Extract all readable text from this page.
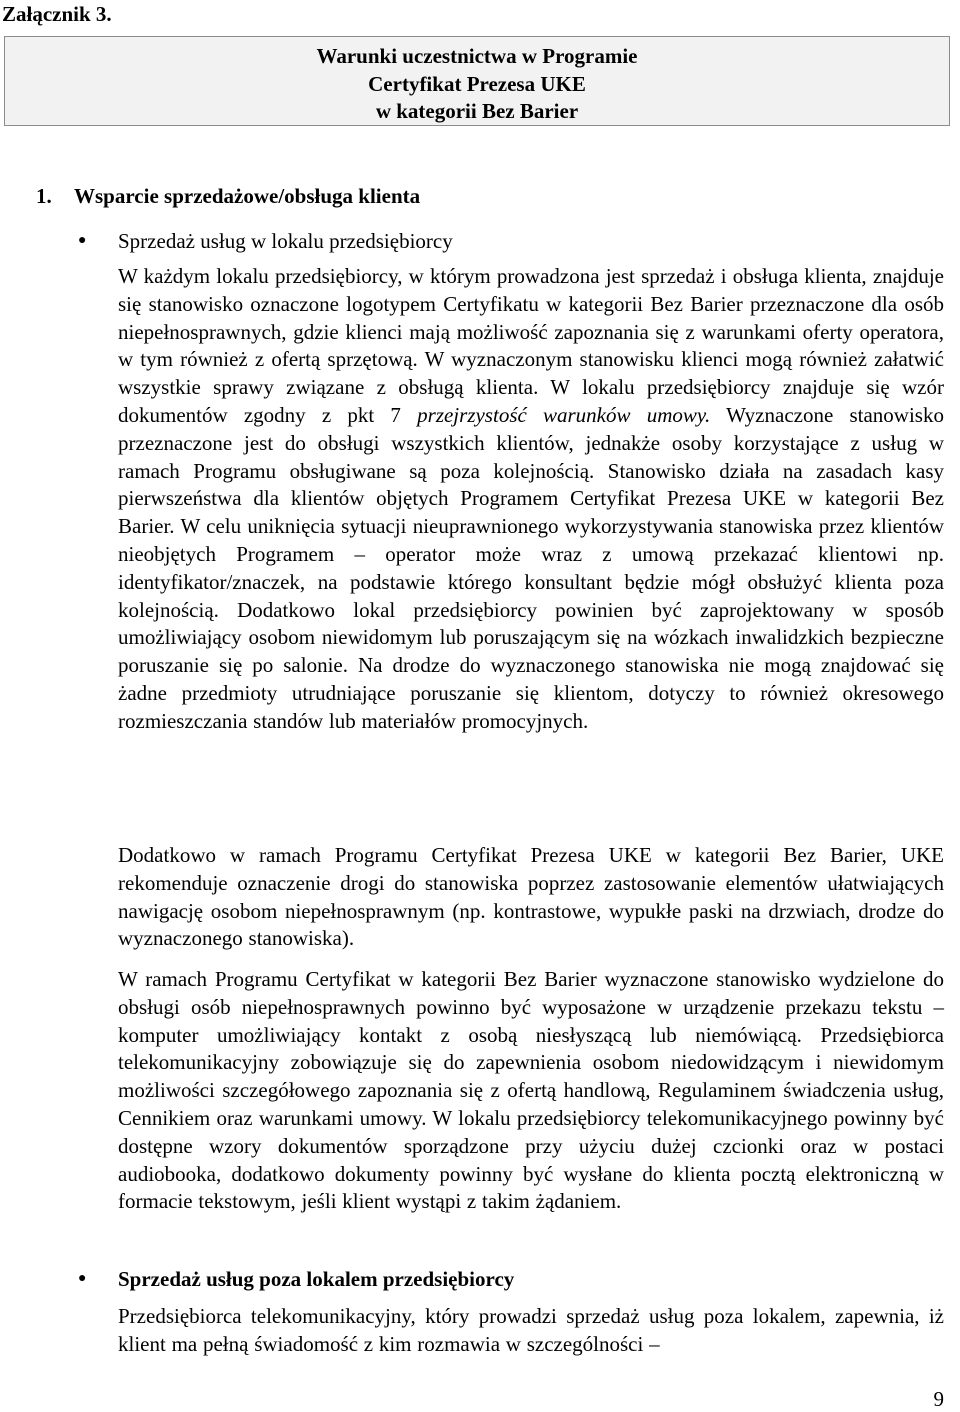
Załącznik 3.
Warunki uczestnictwa w Programie
Certyfikat Prezesa UKE
w kategorii Bez Barier
1. Wsparcie sprzedażowe/obsługa klienta
● Sprzedaż usług w lokalu przedsiębiorcy
W każdym lokalu przedsiębiorcy, w którym prowadzona jest sprzedaż i obsługa klienta, znajduje się stanowisko oznaczone logotypem Certyfikatu w kategorii Bez Barier przeznaczone dla osób niepełnosprawnych, gdzie klienci mają możliwość zapoznania się z warunkami oferty operatora, w tym również z ofertą sprzętową. W wyznaczonym stanowisku klienci mogą również załatwić wszystkie sprawy związane z obsługą klienta. W lokalu przedsiębiorcy znajduje się wzór dokumentów zgodny z pkt 7 przejrzystość warunków umowy. Wyznaczone stanowisko przeznaczone jest do obsługi wszystkich klientów, jednakże osoby korzystające z usług w ramach Programu obsługiwane są poza kolejnością. Stanowisko działa na zasadach kasy pierwszeństwa dla klientów objętych Programem Certyfikat Prezesa UKE w kategorii Bez Barier. W celu uniknięcia sytuacji nieuprawnionego wykorzystywania stanowiska przez klientów nieobjętych Programem – operator może wraz z umową przekazać klientowi np. identyfikator/znaczek, na podstawie którego konsultant będzie mógł obsłużyć klienta poza kolejnością. Dodatkowo lokal przedsiębiorcy powinien być zaprojektowany w sposób umożliwiający osobom niewidomym lub poruszającym się na wózkach inwalidzkich bezpieczne poruszanie się po salonie. Na drodze do wyznaczonego stanowiska nie mogą znajdować się żadne przedmioty utrudniające poruszanie się klientom, dotyczy to również okresowego rozmieszczania standów lub materiałów promocyjnych.
Dodatkowo w ramach Programu Certyfikat Prezesa UKE w kategorii Bez Barier, UKE rekomenduje oznaczenie drogi do stanowiska poprzez zastosowanie elementów ułatwiających nawigację osobom niepełnosprawnym (np. kontrastowe, wypukłe paski na drzwiach, drodze do wyznaczonego stanowiska).
W ramach Programu Certyfikat w kategorii Bez Barier wyznaczone stanowisko wydzielone do obsługi osób niepełnosprawnych powinno być wyposażone w urządzenie przekazu tekstu – komputer umożliwiający kontakt z osobą niesłyszącą lub niemówiącą. Przedsiębiorca telekomunikacyjny zobowiązuje się do zapewnienia osobom niedowidzącym i niewidomym możliwości szczegółowego zapoznania się z ofertą handlową, Regulaminem świadczenia usług, Cennikiem oraz warunkami umowy. W lokalu przedsiębiorcy telekomunikacyjnego powinny być dostępne wzory dokumentów sporządzone przy użyciu dużej czcionki oraz w postaci audiobooka, dodatkowo dokumenty powinny być wysłane do klienta pocztą elektroniczną w formacie tekstowym, jeśli klient wystąpi z takim żądaniem.
● Sprzedaż usług poza lokalem przedsiębiorcy
Przedsiębiorca telekomunikacyjny, który prowadzi sprzedaż usług poza lokalem, zapewnia, iż klient ma pełną świadomość z kim rozmawia w szczególności –
9
